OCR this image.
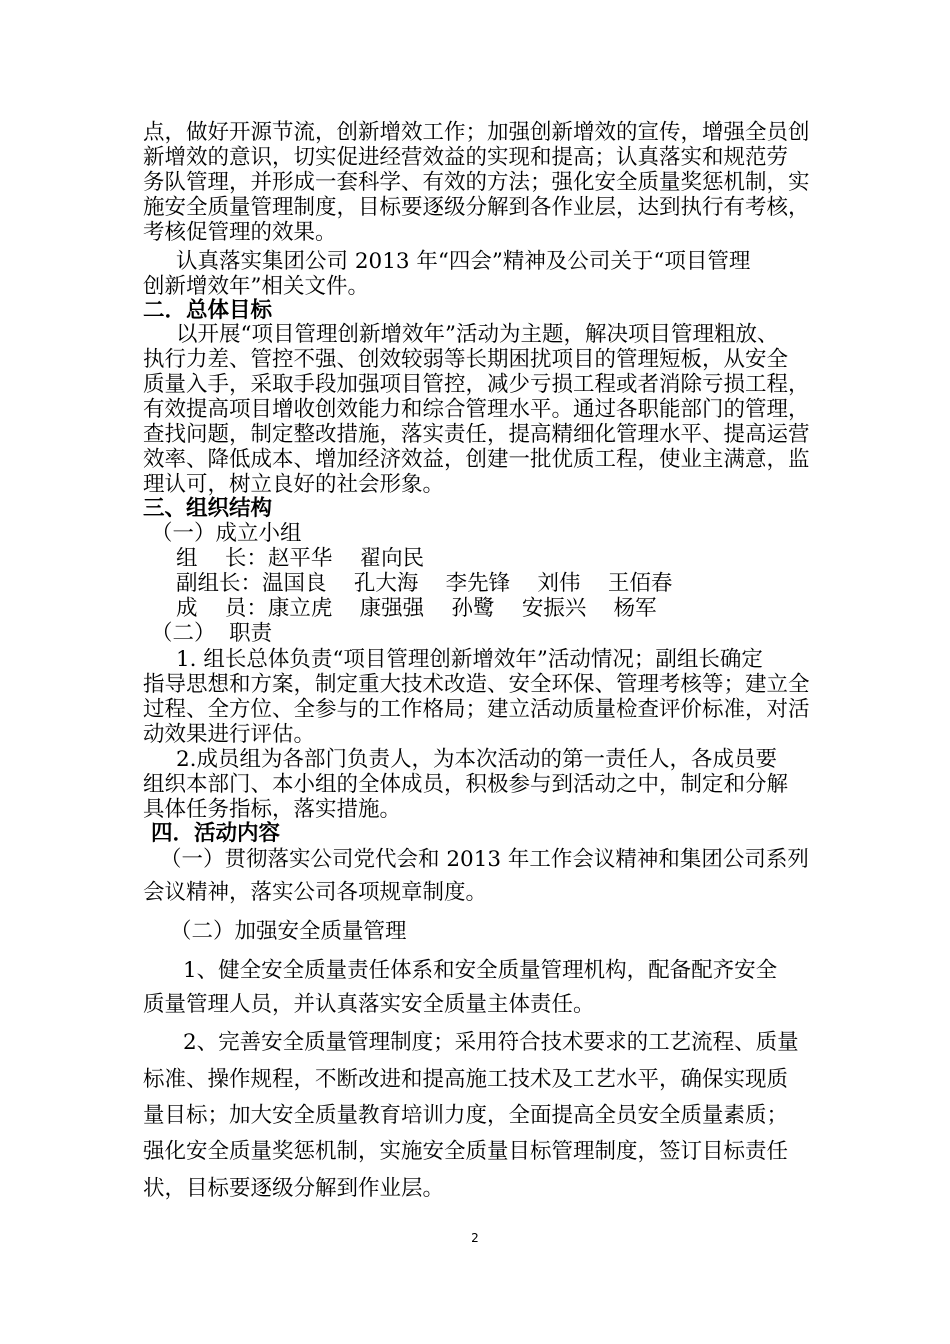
点，做好开源节流，创新增效工作；加强创新增效的宣传，增强全员创
新增效的意识，切实促进经营效益的实现和提高；认真落实和规范劳
务队管理，并形成一套科学、有效的方法；强化安全质量奖惩机制，实
施安全质量管理制度，目标要逐级分解到各作业层，达到执行有考核，
考核促管理的效果。
认真落实集团公司 2013 年“四会”精神及公司关于“项目管理
创新增效年”相关文件。
二．总体目标
以开展“项目管理创新增效年”活动为主题，解决项目管理粗放、
执行力差、管控不强、创效较弱等长期困扰项目的管理短板，从安全
质量入手，采取手段加强项目管控，减少亏损工程或者消除亏损工程，
有效提高项目增收创效能力和综合管理水平。通过各职能部门的管理，
查找问题，制定整改措施，落实责任，提高精细化管理水平、提高运营
效率、降低成本、增加经济效益，创建一批优质工程，使业主满意，监
理认可，树立良好的社会形象。
三、组织结构
（一）成立小组
组    长：赵平华    翟向民
副组长：温国良    孔大海    李先锋    刘伟    王佰春
成    员：康立虎    康强强    孙鹭    安振兴    杨军
（二）  职责
1. 组长总体负责“项目管理创新增效年”活动情况；副组长确定
指导思想和方案，制定重大技术改造、安全环保、管理考核等；建立全
过程、全方位、全参与的工作格局；建立活动质量检查评价标准，对活
动效果进行评估。
2.成员组为各部门负责人，为本次活动的第一责任人，各成员要
组织本部门、本小组的全体成员，积极参与到活动之中，制定和分解
具体任务指标，落实措施。
四．活动内容
（一）贯彻落实公司党代会和 2013 年工作会议精神和集团公司系列
会议精神，落实公司各项规章制度。
（二）加强安全质量管理
1、健全安全质量责任体系和安全质量管理机构，配备配齐安全
质量管理人员，并认真落实安全质量主体责任。
2、完善安全质量管理制度；采用符合技术要求的工艺流程、质量
标准、操作规程，不断改进和提高施工技术及工艺水平，确保实现质
量目标；加大安全质量教育培训力度，全面提高全员安全质量素质；
强化安全质量奖惩机制，实施安全质量目标管理制度，签订目标责任
状，目标要逐级分解到作业层。
2
